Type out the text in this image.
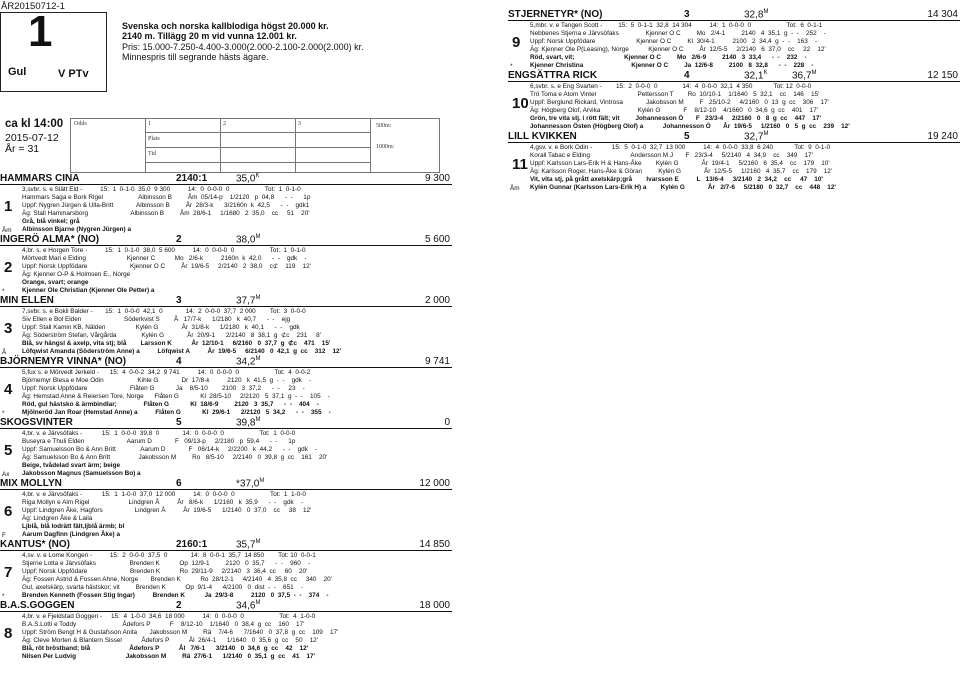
ÅR20150712-1
1
Gul	V PTv
Svenska och norska kallblodiga högst 20.000 kr.
2140 m. Tillägg 20 m vid vunna 12.001 kr.
Pris: 15.000-7.250-4.400-3.000(2.000-2.100-2.000(2.000) kr.
Minnespris till segrande hästs ägare.
ca kl 14:00
2015-07-12
År = 31
Odds	1	2	3
Plats
Tid
500m:
1000m:
HAMMARS CINA	2140:1	$35,0^K$	9 300
1
Åm
3,svbr. s. e Slätt Eld -          15:  1  0-1-0  35,0  9 300          14:  0  0-0-0  0                    Tot:  1  0-1-0
Hammars Saga e Bork Rigel                    Albinsson B         Åm  05/14-p    1/2120   p  04,8      -  -      1p
Uppf: Nygren Jürgen & Ulla-Britt             Albinsson B         År  28/3-k      3/2160n  k  42,5      -  -    gdk1
Äg: Stall Hammarsborg                        Albinsson B         Åm  28/6-1     1/1680   2  35,0    ᴄᴄ     51    20'
Grå, blå vinkel; grå
Albinsson Bjarne (Nygren Jürgen) a
INGERÖ ALMA* (NO)	2	$38,0^M$	5 600
2
*
4,br. s. e Horgen Tore -          15:  1  0-1-0  38,0  5 600          14:  0  0-0-0  0                    Tot:  1  0-1-0
Mörtvedt Mari e Elding                       Kjenner C           Mo   2/6-k          2160n  k  42,0      -  -    gdk    -
Uppf: Norsk Uppfödare                        Kjenner O C         År  19/6-5     2/2140   2  38,0    ᴄ⊄    119    12'
Äg: Kjenner O-P & Holmsen E., Norge
Orange, svart; orange
Kjenner Ole Christian (Kjenner Ole Petter) a
MIN ELLEN	3	$37,7^M$	2 000
3
Å
7,svbr. s. e Bokli Balder -       15:  1  0-0-0  42,1  0             14:  2  0-0-0  37,7  2 000        Tot:  3  0-0-0
Siv Ellen e Bol Elden                        Söderkvist S        Å   17/7-k      1/2180   k  40,7      -  -    ejg
Uppf: Stall Kamin KB, Nälden                 Kylén G             År  31/8-k      1/2180   k  40,1      -  -    gdk
Äg: Söderström Stefan, Vårgårda              Kylén G             År  20/9-1      2/2140   8  38,1  g  ⊄ᴄ    231     8'
Blå, sv hängsl & axelp, vita stj; blå        Larsson K           År  12/10-1     6/2160   0  37,7  g  ⊄ᴄ    471    15'
Löfqwist Amanda (Söderström Anne) a          Löfqwist A          År  19/6-5     6/2140   0  42,1  g  ᴄᴄ    312    12'
BJÖRNEMYR VINNA* (NO)	4	$34,2^M$	9 741
4
*
5,fux s. e Mörvedt Jerkeld -      15:  4  0-0-2  34,2  9 741          14:  0  0-0-0  0                    Tot:  4  0-0-2
Björnemyr Blesa e Moe Odin                   Kihle G             Dr  17/8-k          2120   k  41,5  g  -  -    gdk    -
Uppf: Norsk Uppfödare                        Flåten G            Ja    8/5-10        2100   3  37,2      -  -     23    -
Äg: Hemstad Anne & Reiersen Tore, Norge      Flåten G            Kl  28/5-10     2/2120   5  37,1  g  -  -    105    -
Röd, gul hästsko & ärmbindlar;               Flåten G            Kl  18/6-9         2120   3  35,7      -  -    404    -
Mjölneröd Jan Roar (Hemstad Anne) a          Flåten G            Kl  29/6-1      2/2120   5  34,2      -  -    355    -
SKOGSVINTER	5	$39,8^M$	0
5
Ax
4,br. v. e Järvsöfaks -           15:  1  0-0-0  39,8  0             14:  0  0-0-0  0                    Tot:  1  0-0-0
Buseyra e Thuli Elden                        Aarum D             F   09/13-p     2/2180   p  59,4      -  -      1p
Uppf: Samuelsson Bo & Ann Britt              Aarum D             F   06/14-k     2/2200   k  44,2      -  -    gdk    -
Äg: Samuelsson Bo & Ann Britt                Jakobsson M         Ro   8/5-10     2/2140   0  39,8  g  ᴄᴄ    161    20'
Beige, tvådelad svart ärm; beige
Jakobsson Magnus (Samuelsson Bo) a
MIX MOLLYN	6	$*37,0^M$	12 000
6
F
4,br. v. e Järvsöfaks -           15:  1  1-0-0  37,0  12 000          14:  0  0-0-0  0                    Tot:  1  1-0-0
Riga Mollyn e Alm Rigel                      Lindgren Å          År   8/6-k      1/2160   k  35,9      -  -    gdk    -
Uppf: Lindgren Åke, Hagfors                  Lindgren Å          År  19/6-5      1/2140   0  37,0    ᴄᴄ     38    12'
Äg: Lindgren Åke & Laila
Ljblå, blå lodrätt fält,ljblå ärmb; bl
Aarum Dagfinn (Lindgren Åke) a
KANTUS* (NO)	2160:1	$35,7^M$	14 850
7
*
4,sv. v. e Lome Kongen -          15:  2  0-0-0  37,5  0             14:  8  0-0-1  35,7  14 850        Tot: 10  0-0-1
Stjerne Lotta e Järvsöfaks                   Brenden K           Op  12/9-1         2120   0  35,7      -  -    960    -
Uppf: Norsk Uppfödare                        Brenden K           Ro  29/11-9     2/2140   3  36,4  ᴄᴄ     60    20'
Äg: Fossen Astrid & Fossen Ahne, Norge       Brenden K           Ro  28/12-1     4/2140   4  35,8  ᴄᴄ     340    20'
Gul, axelskärp, svarta hästskor; vit         Brenden K           Op  9/1-4      4/2100   0  dist  -  -    651    -
Brenden Kenneth (Fossen Stig Ingar)          Brenden K           Ja  29/3-8          2120   0  37,5  -  -    374    -
B.A.S.GOGGEN	2	$34,6^M$	18 000
8
4,br. v. e Fjeldstad Goggen -     15:  4  1-0-0  34,6  18 000          14:  0  0-0-0  0                    Tot:  4  1-0-0
B.A.S.Lotti e Toddy                          Ådefors P           F    8/12-10    1/1640   0  38,4  g  ᴄᴄ    160    17'
Uppf: Ström Bengt H & Gustafsson Anita       Jakobsson M         Rä    7/4-6      7/1640   0  37,8  g  ᴄᴄ    109    17'
Äg: Cleve Morten & Blantern Sissel           Ådefors P           Ål  26/4-1      1/1640   0  35,6  g  ᴄᴄ    50    12'
Blå, röt bröstband; blå                      Ådefors P           Ål   7/6-1      3/2140   0  34,6  g  ᴄᴄ    42    12'
Nilsen Per Ludvig                            Jakobsson M         Rä  27/6-1      1/2140   0  35,1  g  ᴄᴄ    41    17'
STJERNETYR* (NO)	3	$32,8^M$	14 304
9
*
5,mbr. v. e Tangen Scott -         15:  5  0-1-1  32,8  14 304          14:  1  0-0-0  0                    Tot:  6  0-1-1
Nebbenes Stjerna e Järvsöfaks               Kjenner O C         Mo   2/4-1         2140   4  35,1  g  -  -    252    -
Uppf: Norsk Uppfödare                       Kjenner O C         Kl  30/4-1          2100   2  34,4  g  -  -    163    -
Äg: Kjenner Ole P(Leasing), Norge           Kjenner O C         År  12/5-5     2/2140   6  37,0    ᴄᴄ     22    12'
Röd, svart, vit;                            Kjenner O C         Mo   2/6-9         2140   3  33,4      -  -    232    -
Kjenner Christina                           Kjenner O C         Ja  12/6-8         2100   8  32,8      -  -    228    -
ENGSÄTTRA RICK	4	$32,1^K$ $36,7^M$	12 150
10
6,svbr. s. e Eng Svarten -        15:  2  0-0-0  0              14:  4  0-0-0  32,1  4 350            Tot: 12  0-0-0
Trö Toma e Atom Vinter                       Pettersson T        Ro  10/10-1    1/1640   5  32,1    ᴄᴄ    146    15'
Uppf: Berglund Rickard, Vintrosa             Jakobsson M         F   25/10-2     4/2160   0  13  g  ᴄᴄ    306    17'
Äg: Högberg Olof, Arvika                     Kylén G             F    8/12-10    4/1660   0  34,6  g  ᴄᴄ    401    17'
Grön, tre vita stj. i rött fält; vit         Johannesson Ö       F   23/3-4     2/2160   0   8  g  ᴄᴄ    447    17'
Johannesson Östen (Högberg Olof) a           Johannesson Ö       År  19/6-5     1/2160   0   5  g  ᴄᴄ    239    12'
LILL KVIKKEN	5	$32,7^M$	19 240
11
Åm
4,gsv. v. e Bork Odin -           15:  5  0-1-0  32,7  13 000          14:  4  0-0-0  33,8  6 240            Tot:  9  0-1-0
Korall Tabac e Elding                       Andersson M J       F   23/3-4     5/2140   4  34,9    ᴄᴄ    349    17'
Uppf: Karlsson Lars-Erik H & Hans-Åke        Kylén G             År  19/4-1     5/2160   6  35,4    ᴄᴄ    179    10'
Äg: Karlsson Roger, Hans-Åke & Göran         Kylén G             År  12/5-5     1/2160   4  35,7    ᴄᴄ    179    12'
Vit, vita stj, på grått axelskärp;grå        Ivarsson E          L   13/6-4     3/2140   2  34,2    ᴄᴄ     47    10'
Kylén Gunnar (Karlsson Lars-Erik H) a        Kylén G             År   2/7-6     5/2180   0  32,7    ᴄᴄ    448    12'
